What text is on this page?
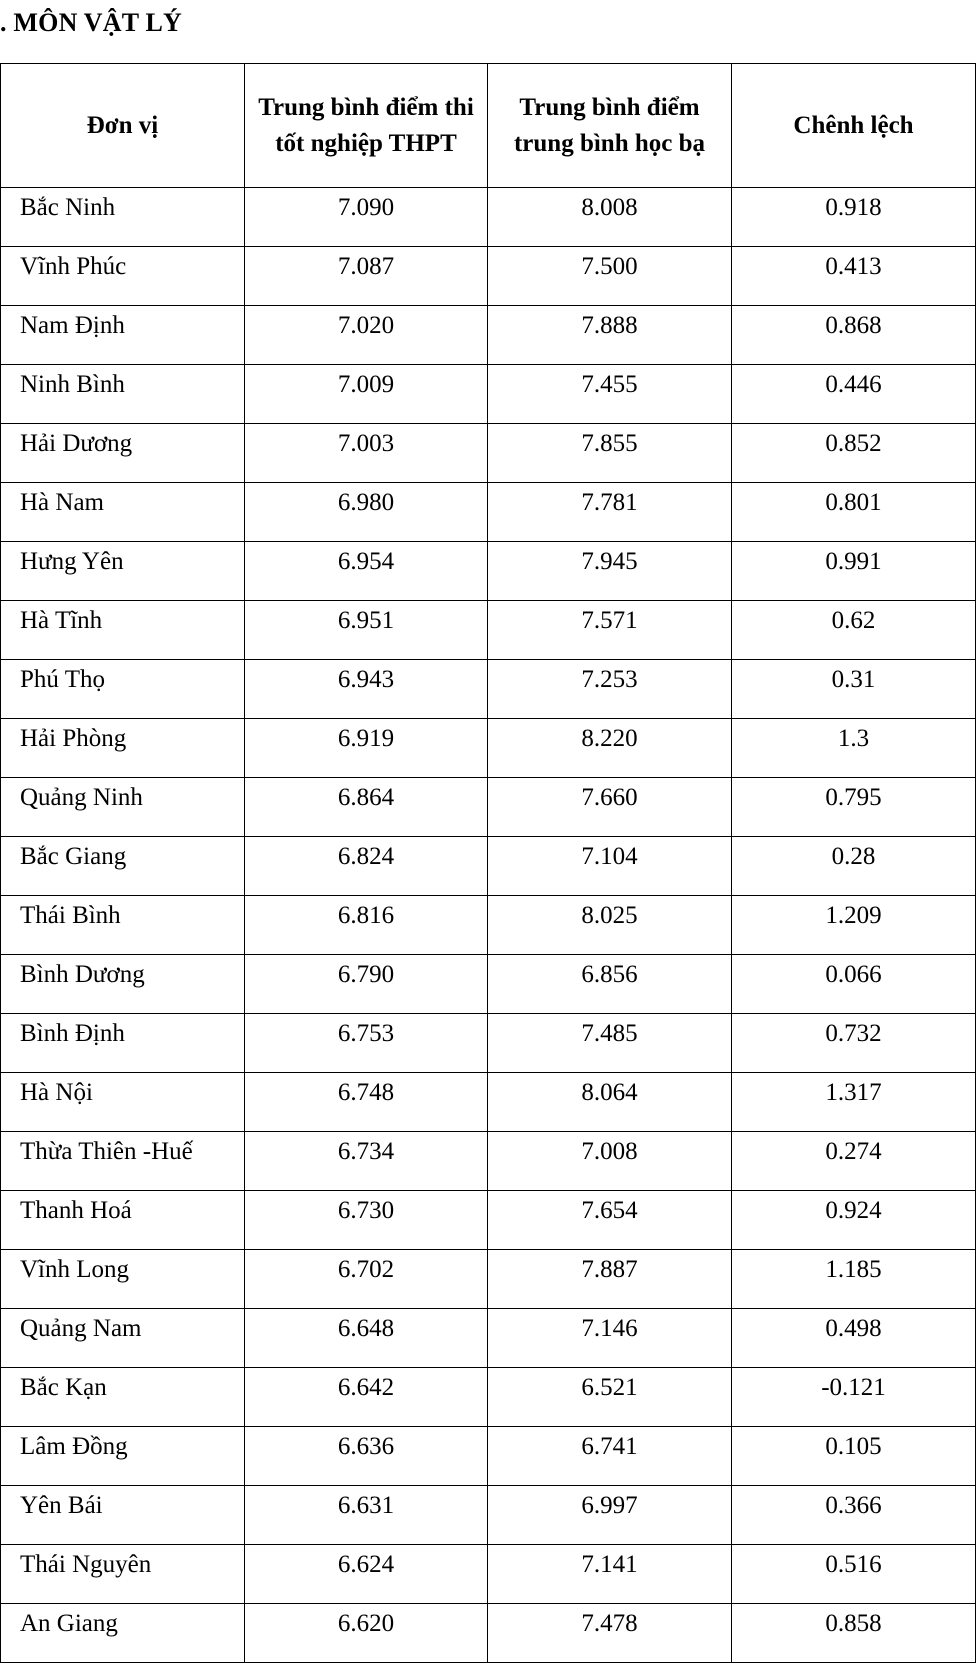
. MÔN VẬT LÝ
Đơn vị	Trung bình điểm thi tốt nghiệp THPT	Trung bình điểm trung bình học bạ	Chênh lệch
Bắc Ninh	7.090	8.008	0.918
Vĩnh Phúc	7.087	7.500	0.413
Nam Định	7.020	7.888	0.868
Ninh Bình	7.009	7.455	0.446
Hải Dương	7.003	7.855	0.852
Hà Nam	6.980	7.781	0.801
Hưng Yên	6.954	7.945	0.991
Hà Tĩnh	6.951	7.571	0.62
Phú Thọ	6.943	7.253	0.31
Hải Phòng	6.919	8.220	1.3
Quảng Ninh	6.864	7.660	0.795
Bắc Giang	6.824	7.104	0.28
Thái Bình	6.816	8.025	1.209
Bình Dương	6.790	6.856	0.066
Bình Định	6.753	7.485	0.732
Hà Nội	6.748	8.064	1.317
Thừa Thiên -Huế	6.734	7.008	0.274
Thanh Hoá	6.730	7.654	0.924
Vĩnh Long	6.702	7.887	1.185
Quảng Nam	6.648	7.146	0.498
Bắc Kạn	6.642	6.521	-0.121
Lâm Đồng	6.636	6.741	0.105
Yên Bái	6.631	6.997	0.366
Thái Nguyên	6.624	7.141	0.516
An Giang	6.620	7.478	0.858
